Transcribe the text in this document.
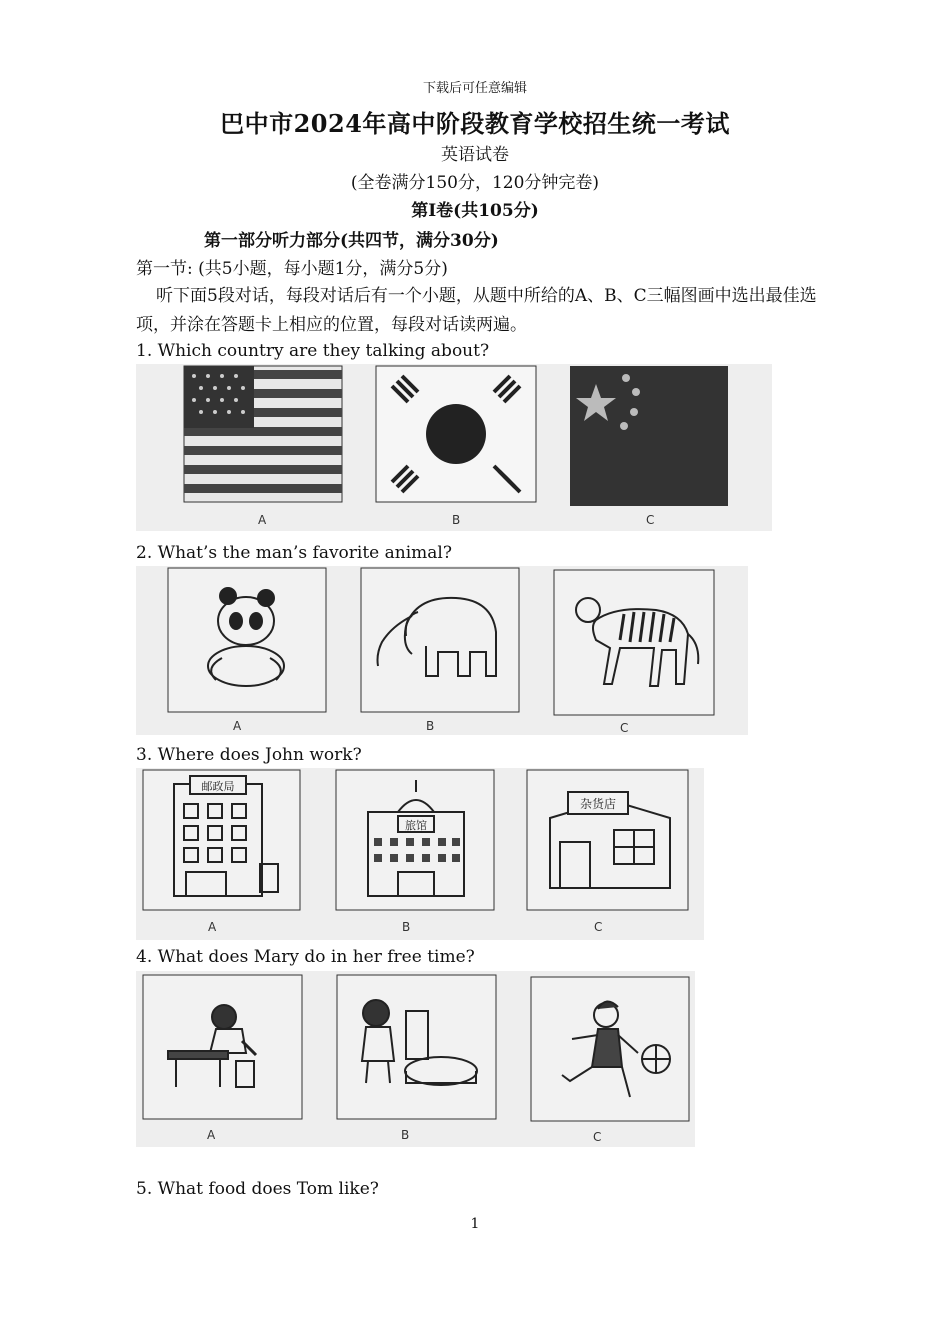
下载后可任意编辑
巴中市2024年高中阶段教育学校招生统一考试
英语试卷
(全卷满分150分，120分钟完卷)
第I卷(共105分)
第一部分听力部分(共四节，满分30分)
第一节: (共5小题，每小题1分，满分5分)
听下面5段对话，每段对话后有一个小题，从题中所给的A、B、C三幅图画中选出最佳选项，并涂在答题卡上相应的位置，每段对话读两遍。
1. Which country are they talking about?
A	B	C
2. What’s the man’s favorite animal?
A	B	C
3. Where does John work?
邮政局
旅馆
杂货店
A	B	C
4. What does Mary do in her free time?
A	B	C
5. What food does Tom like?
1
